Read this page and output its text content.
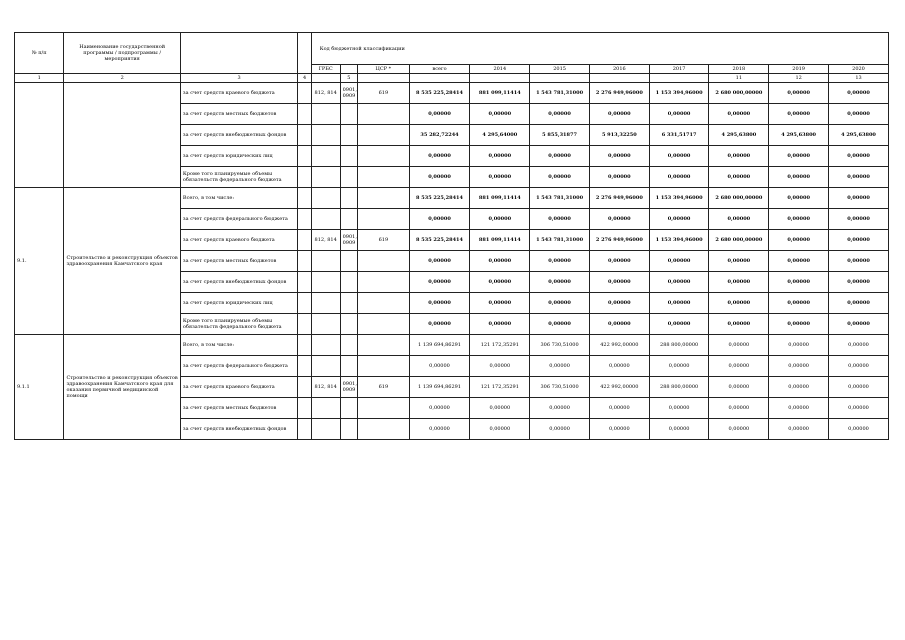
№ п/п	Наименование государственной программы / подпрограммы / мероприятия			Код бюджетной классификации										
				ГРБС		ЦСР *	всего	2014	2015	2016	2017	2018	2019	2020
1	2	3	4		5							11	12	13
		за счет средств краевого бюджета		812, 814	0901, 0909	619	8 535 225,28414	881 099,11414	1 543 781,31000	2 276 949,96000	1 153 394,96000	2 680 000,00000	0,00000	0,00000
		за счет средств местных бюджетов					0,00000	0,00000	0,00000	0,00000	0,00000	0,00000	0,00000	0,00000
		за счет средств внебюджетных фондов					35 282,72244	4 295,64000	5 855,31877	5 913,32250	6 331,51717	4 295,63800	4 295,63800	4 295,63800
		за счет средств юридических лиц					0,00000	0,00000	0,00000	0,00000	0,00000	0,00000	0,00000	0,00000
		Кроме того планируемые объемы обязательств федерального бюджета					0,00000	0,00000	0,00000	0,00000	0,00000	0,00000	0,00000	0,00000
9.1.	Строительство и реконструкция объектов здравоохранения Камчатского края	Всего, в том числе:					8 535 225,28414	881 099,11414	1 543 781,31000	2 276 949,96000	1 153 394,96000	2 680 000,00000	0,00000	0,00000
		за счет средств федерального бюджета					0,00000	0,00000	0,00000	0,00000	0,00000	0,00000	0,00000	0,00000
		за счет средств краевого бюджета		812, 814	0901, 0909	619	8 535 225,28414	881 099,11414	1 543 781,31000	2 276 949,96000	1 153 394,96000	2 680 000,00000	0,00000	0,00000
		за счет средств местных бюджетов					0,00000	0,00000	0,00000	0,00000	0,00000	0,00000	0,00000	0,00000
		за счет средств внебюджетных фондов					0,00000	0,00000	0,00000	0,00000	0,00000	0,00000	0,00000	0,00000
		за счет средств юридических лиц					0,00000	0,00000	0,00000	0,00000	0,00000	0,00000	0,00000	0,00000
		Кроме того планируемые объемы обязательств федерального бюджета					0,00000	0,00000	0,00000	0,00000	0,00000	0,00000	0,00000	0,00000
9.1.1	Строительство и реконструкция объектов здравоохранения Камчатского края для оказания первичной медицинской помощи	Всего, в том числе:					1 139 694,86291	121 172,35291	306 730,51000	422 992,00000	288 800,00000	0,00000	0,00000	0,00000
		за счет средств федерального бюджета					0,00000	0,00000	0,00000	0,00000	0,00000	0,00000	0,00000	0,00000
		за счет средств краевого бюджета		812, 814	0901, 0909	619	1 139 694,86291	121 172,35291	306 730,51000	422 992,00000	288 800,00000	0,00000	0,00000	0,00000
		за счет средств местных бюджетов					0,00000	0,00000	0,00000	0,00000	0,00000	0,00000	0,00000	0,00000
		за счет средств внебюджетных фондов					0,00000	0,00000	0,00000	0,00000	0,00000	0,00000	0,00000	0,00000
